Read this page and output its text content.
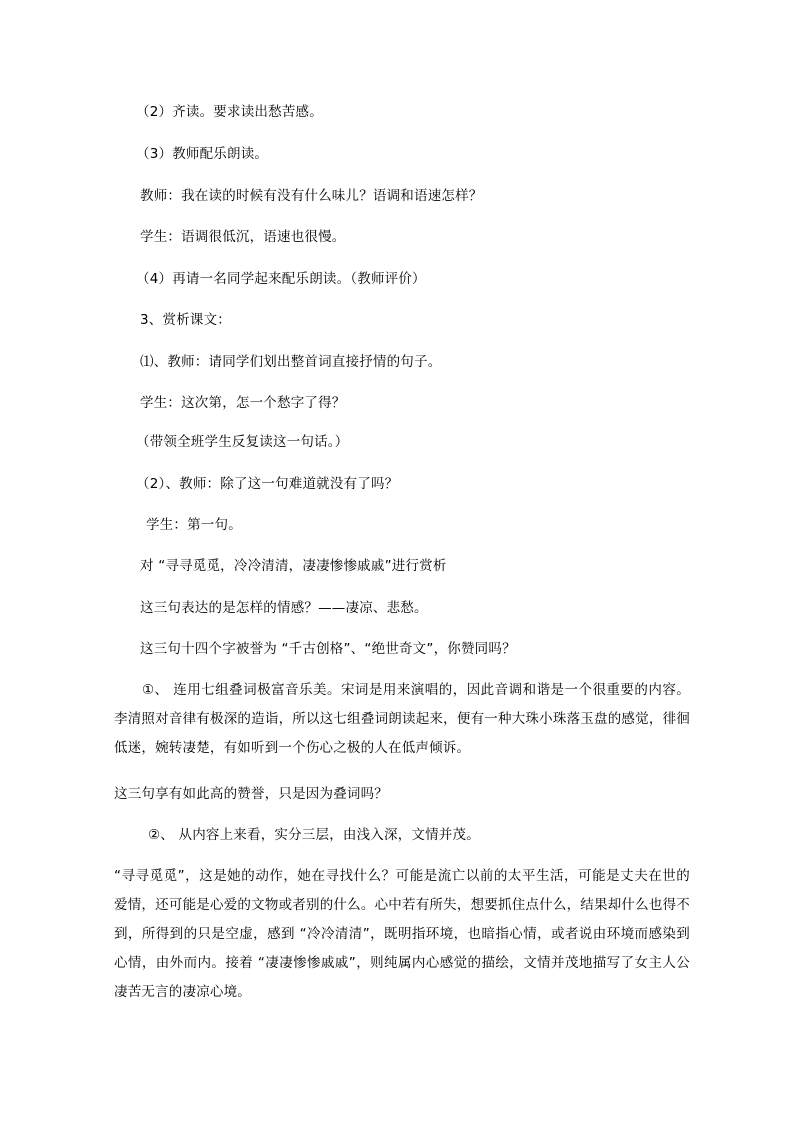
（2）齐读。要求读出愁苦感。
（3）教师配乐朗读。
教师：我在读的时候有没有什么味儿？语调和语速怎样？
学生：语调很低沉，语速也很慢。
（4）再请一名同学起来配乐朗读。（教师评价）
3、赏析课文：
⑴、教师：请同学们划出整首词直接抒情的句子。
学生：这次第，怎一个愁字了得？
（带领全班学生反复读这一句话。）
（2）、教师：除了这一句难道就没有了吗？
学生：第一句。
对 “寻寻觅觅，冷冷清清，凄凄惨惨戚戚”进行赏析
这三句表达的是怎样的情感？——凄凉、悲愁。
这三句十四个字被誉为 “千古创格”、“绝世奇文”，你赞同吗？
　　①、 连用七组叠词极富音乐美。宋词是用来演唱的，因此音调和谐是一个很重要的内容。李清照对音律有极深的造诣，所以这七组叠词朗读起来，便有一种大珠小珠落玉盘的感觉，徘徊低迷，婉转凄楚，有如听到一个伤心之极的人在低声倾诉。
这三句享有如此高的赞誉，只是因为叠词吗？
②、 从内容上来看，实分三层，由浅入深，文情并茂。
“寻寻觅觅”，这是她的动作，她在寻找什么？可能是流亡以前的太平生活，可能是丈夫在世的爱情，还可能是心爱的文物或者别的什么。心中若有所失，想要抓住点什么，结果却什么也得不到，所得到的只是空虚，感到 “冷冷清清”，既明指环境，也暗指心情，或者说由环境而感染到心情，由外而内。接着 “凄凄惨惨戚戚”，则纯属内心感觉的描绘，文情并茂地描写了女主人公凄苦无言的凄凉心境。
